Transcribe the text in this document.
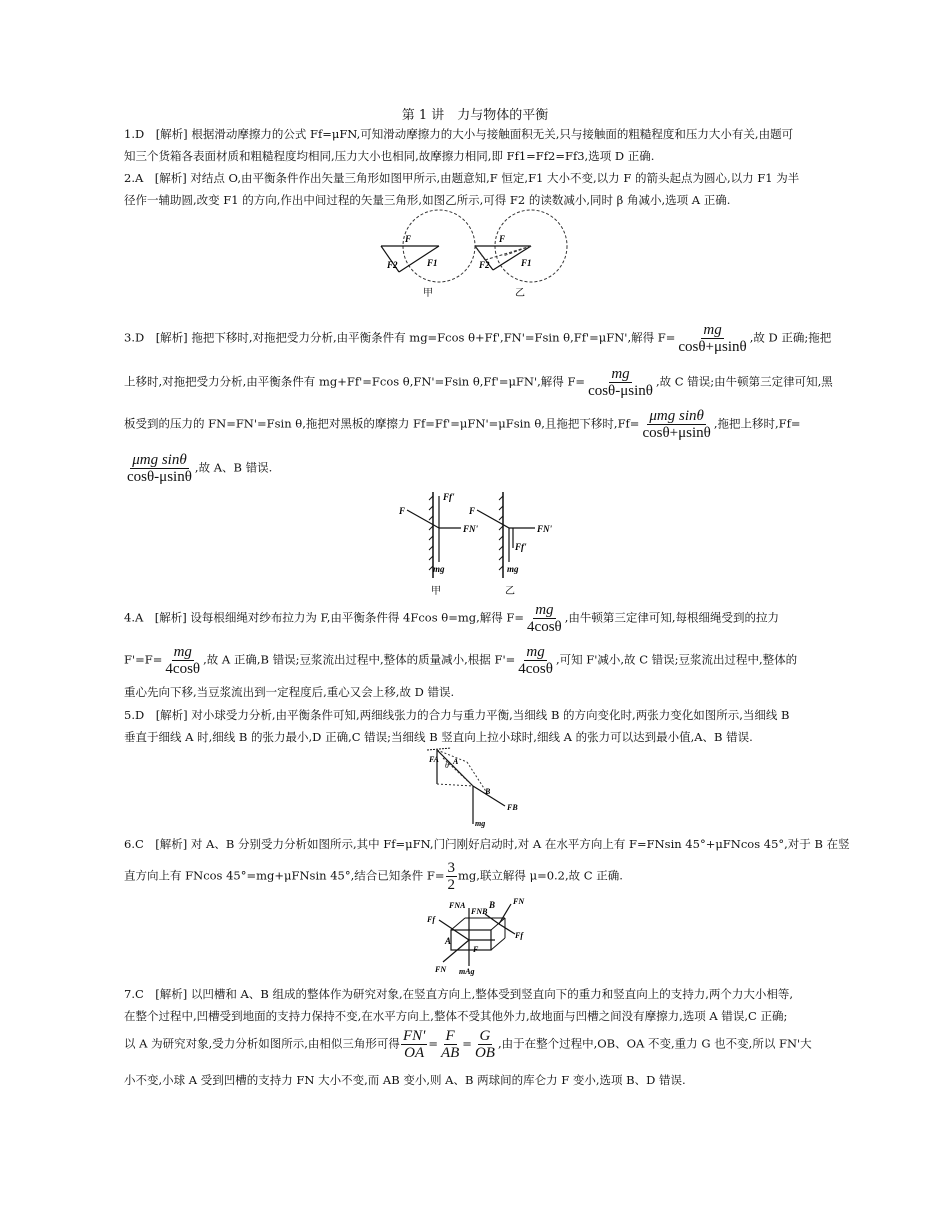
第 1 讲　力与物体的平衡
1.D　[解析] 根据滑动摩擦力的公式 Ff=μFN,可知滑动摩擦力的大小与接触面积无关,只与接触面的粗糙程度和压力大小有关,由题可
知三个货箱各表面材质和粗糙程度均相同,压力大小也相同,故摩擦力相同,即 Ff1=Ff2=Ff3,选项 D 正确.
2.A　[解析] 对结点 O,由平衡条件作出矢量三角形如图甲所示,由题意知,F 恒定,F1 大小不变,以力 F 的箭头起点为圆心,以力 F1 为半
径作一辅助圆,改变 F1 的方向,作出中间过程的矢量三角形,如图乙所示,可得 F2 的读数减小,同时 β 角减小,选项 A 正确.
F
F2	F1
甲
F
F2	F1
乙
3.D　[解析] 拖把下移时,对拖把受力分析,由平衡条件有 mg=Fcos θ+Ff',FN'=Fsin θ,Ff'=μFN',解得 $F= \frac{mg}{\cos\theta+\mu\sin\theta}$ ,故 D 正确;拖把
上移时,对拖把受力分析,由平衡条件有 mg+Ff'=Fcos θ,FN'=Fsin θ,Ff'=μFN',解得 $F= \frac{mg}{\cos\theta-\mu\sin\theta}$ ,故 C 错误;由牛顿第三定律可知,黑
板受到的压力的 FN=FN'=Fsin θ,拖把对黑板的摩擦力 Ff=Ff'=μFN'=μFsin θ,且拖把下移时$,Ff= \frac{\text{μmg sinθ}}{\cos\theta+\mu\sin\theta}$ ,拖把上移时,Ff=
$\frac{\text{μmg sinθ}}{\cos\theta-\mu\sin\theta}$ ,故 A、B 错误.
F
Ff'
FN'
mg
甲
F
FN'
Ff'
mg
乙
4.A　[解析] 设每根细绳对纱布拉力为 F,由平衡条件得 4Fcos θ=mg,解得 $F= \frac{mg}{4\cos\theta}$ ,由牛顿第三定律可知,每根细绳受到的拉力
$F'=F= \frac{mg}{4\cos\theta}$ ,故 A 正确,B 错误;豆浆流出过程中,整体的质量减小,根据 $F'= \frac{mg}{4\cos\theta}$ ,可知 F'减小,故 C 错误;豆浆流出过程中,整体的
重心先向下移,当豆浆流出到一定程度后,重心又会上移,故 D 错误.
5.D　[解析] 对小球受力分析,由平衡条件可知,两细线张力的合力与重力平衡,当细线 B 的方向变化时,两张力变化如图所示,当细线 B
垂直于细线 A 时,细线 B 的张力最小,D 正确,C 错误;当细线 B 竖直向上拉小球时,细线 A 的张力可以达到最小值,A、B 错误.
FA
θ A
B
FB
mg
6.C　[解析] 对 A、B 分别受力分析如图所示,其中 Ff=μFN,门闩刚好启动时,对 A 在水平方向上有 F=FNsin 45°+μFNcos 45°,对于 B 在竖
直方向上有 FNcos 45°=mg+μFNsin 45°,结合已知条件 $F= \frac{3}{2}$ mg,联立解得 μ=0.2,故 C 正确.
FNA
FNB
B FN
Ff
A
F
Ff
FN mAg
7.C　[解析] 以凹槽和 A、B 组成的整体作为研究对象,在竖直方向上,整体受到竖直向下的重力和竖直向上的支持力,两个力大小相等,
在整个过程中,凹槽受到地面的支持力保持不变,在水平方向上,整体不受其他外力,故地面与凹槽之间没有摩擦力,选项 A 错误,C 正确;
以 A 为研究对象,受力分析如图所示,由相似三角形可得 $\frac{FN'}{OA} = \frac{F}{AB} = \frac{G}{OB}$ ,由于在整个过程中,OB、OA 不变,重力 G 也不变,所以 FN'大
小不变,小球 A 受到凹槽的支持力 FN 大小不变,而 AB 变小,则 A、B 两球间的库仑力 F 变小,选项 B、D 错误.
